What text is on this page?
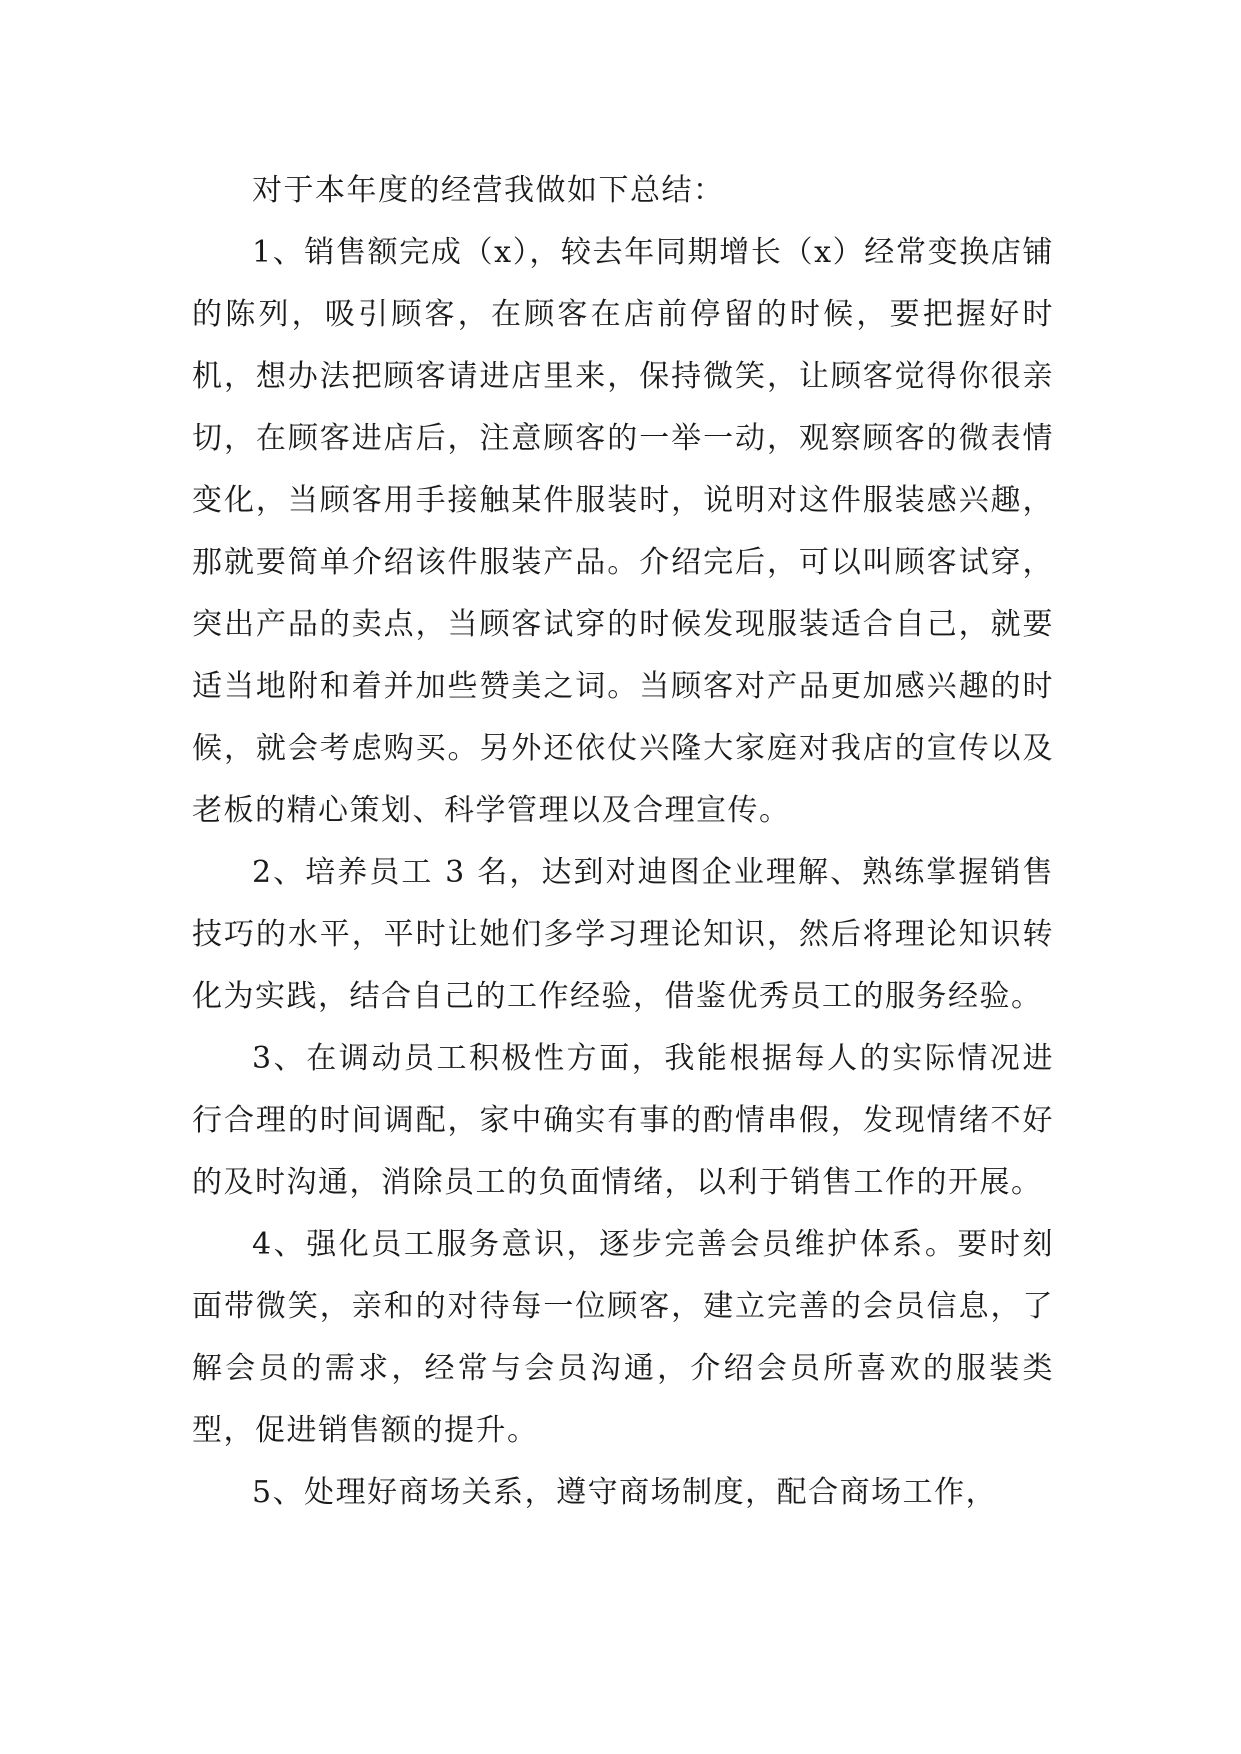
对于本年度的经营我做如下总结：

1、销售额完成（x），较去年同期增长（x）经常变换店铺的陈列，吸引顾客，在顾客在店前停留的时候，要把握好时机，想办法把顾客请进店里来，保持微笑，让顾客觉得你很亲切，在顾客进店后，注意顾客的一举一动，观察顾客的微表情变化，当顾客用手接触某件服装时，说明对这件服装感兴趣，那就要简单介绍该件服装产品。介绍完后，可以叫顾客试穿，突出产品的卖点，当顾客试穿的时候发现服装适合自己，就要适当地附和着并加些赞美之词。当顾客对产品更加感兴趣的时候，就会考虑购买。另外还依仗兴隆大家庭对我店的宣传以及老板的精心策划、科学管理以及合理宣传。

2、培养员工 3 名，达到对迪图企业理解、熟练掌握销售技巧的水平，平时让她们多学习理论知识，然后将理论知识转化为实践，结合自己的工作经验，借鉴优秀员工的服务经验。

3、在调动员工积极性方面，我能根据每人的实际情况进行合理的时间调配，家中确实有事的酌情串假，发现情绪不好的及时沟通，消除员工的负面情绪，以利于销售工作的开展。

4、强化员工服务意识，逐步完善会员维护体系。要时刻面带微笑，亲和的对待每一位顾客，建立完善的会员信息，了解会员的需求，经常与会员沟通，介绍会员所喜欢的服装类型，促进销售额的提升。

5、处理好商场关系，遵守商场制度，配合商场工作，
